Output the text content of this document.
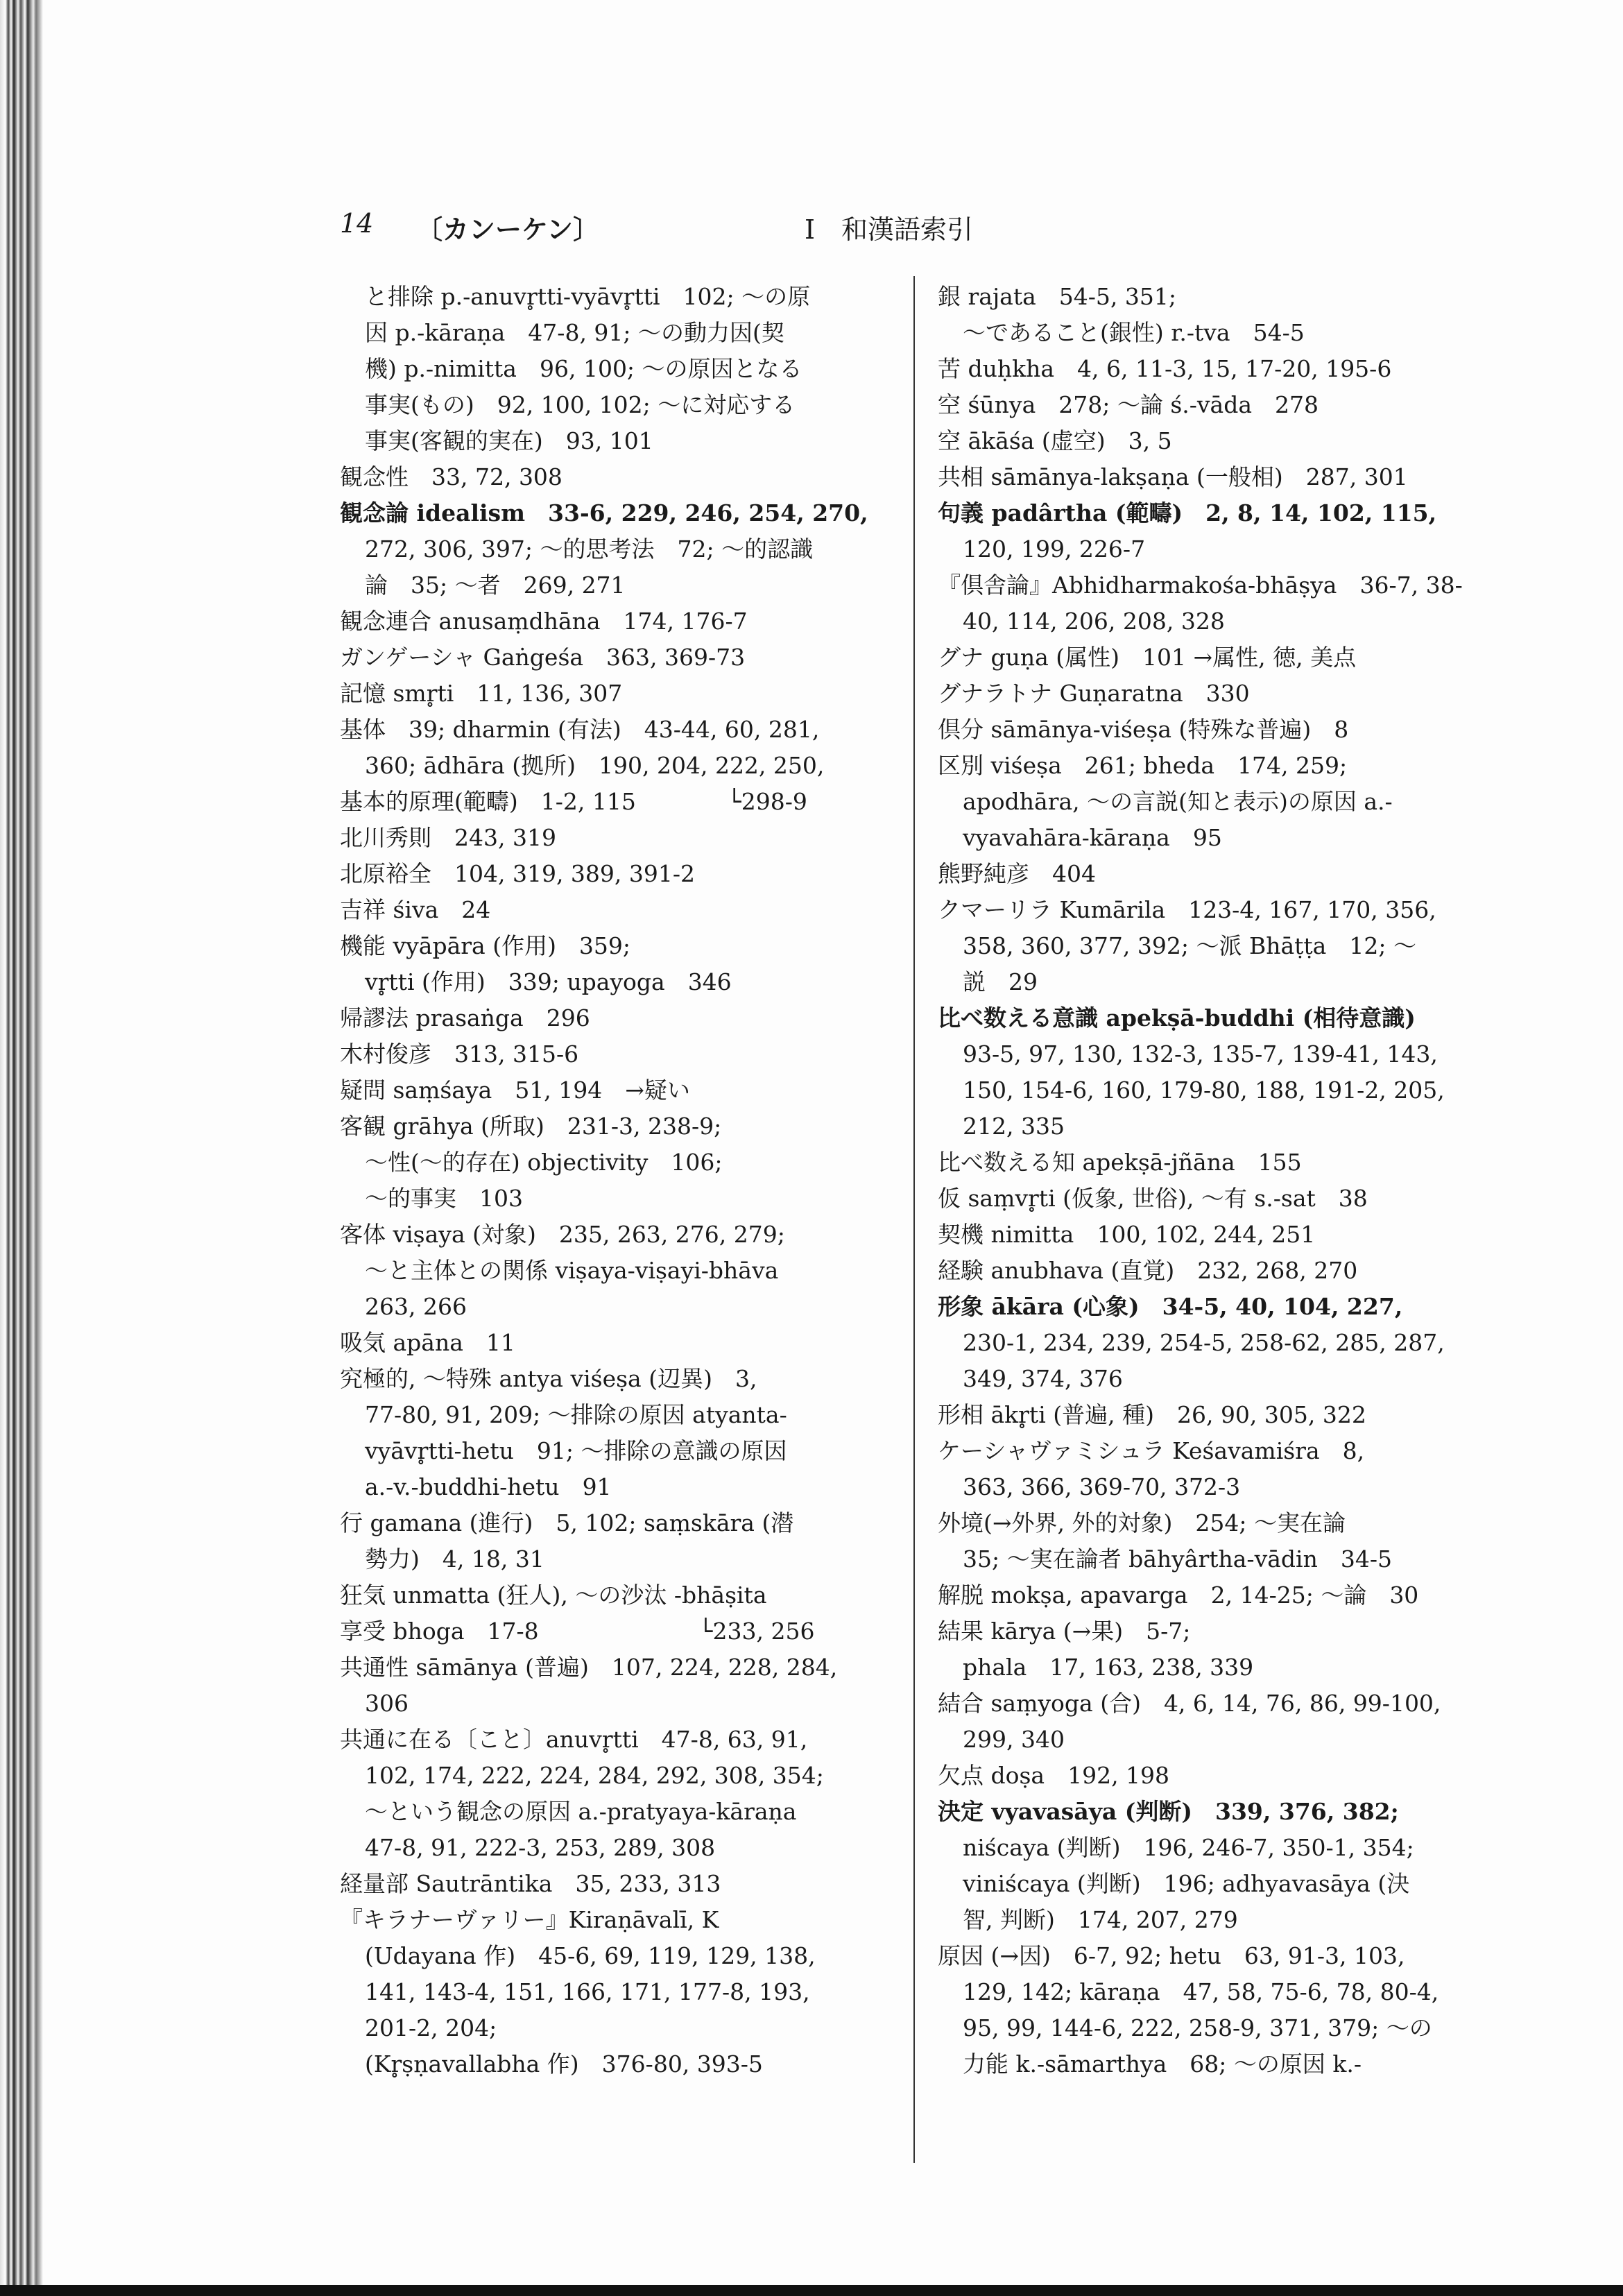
14 〔カンーケン〕	I　和漢語索引
と排除 p.-anuvr̥tti-vyāvr̥tti　102; 〜の原
因 p.-kāraṇa　47-8, 91; 〜の動力因(契
機) p.-nimitta　96, 100; 〜の原因となる
事実(もの)　92, 100, 102; 〜に対応する
事実(客観的実在)　93, 101
観念性　33, 72, 308
観念論 idealism　33-6, 229, 246, 254, 270,
272, 306, 397; 〜的思考法　72; 〜的認識
論　35; 〜者　269, 271
観念連合 anusaṃdhāna　174, 176-7
ガンゲーシャ Gaṅgeśa　363, 369-73
記憶 smr̥ti　11, 136, 307
基体　39; dharmin (有法)　43-44, 60, 281,
360; ādhāra (拠所)　190, 204, 222, 250,
基本的原理(範疇)　1-2, 115　　　　└298-9
北川秀則　243, 319
北原裕全　104, 319, 389, 391-2
吉祥 śiva　24
機能 vyāpāra (作用)　359;
vr̥tti (作用)　339; upayoga　346
帰謬法 prasaṅga　296
木村俊彦　313, 315-6
疑問 saṃśaya　51, 194　→疑い
客観 grāhya (所取)　231-3, 238-9;
〜性(〜的存在) objectivity　106;
〜的事実　103
客体 viṣaya (対象)　235, 263, 276, 279;
〜と主体との関係 viṣaya-viṣayi-bhāva
263, 266
吸気 apāna　11
究極的, 〜特殊 antya viśeṣa (辺異)　3,
77-80, 91, 209; 〜排除の原因 atyanta-
vyāvr̥tti-hetu　91; 〜排除の意識の原因
a.-v.-buddhi-hetu　91
行 gamana (進行)　5, 102; saṃskāra (潜
勢力)　4, 18, 31
狂気 unmatta (狂人), 〜の沙汰 -bhāṣita
享受 bhoga　17-8　　　　　　　└233, 256
共通性 sāmānya (普遍)　107, 224, 228, 284,
306
共通に在る〔こと〕anuvr̥tti　47-8, 63, 91,
102, 174, 222, 224, 284, 292, 308, 354;
〜という観念の原因 a.-pratyaya-kāraṇa
47-8, 91, 222-3, 253, 289, 308
経量部 Sautrāntika　35, 233, 313
『キラナーヴァリー』Kiraṇāvalī, K
(Udayana 作)　45-6, 69, 119, 129, 138,
141, 143-4, 151, 166, 171, 177-8, 193,
201-2, 204;
(Kr̥ṣṇavallabha 作)　376-80, 393-5
銀 rajata　54-5, 351;
〜であること(銀性) r.-tva　54-5
苦 duḥkha　4, 6, 11-3, 15, 17-20, 195-6
空 śūnya　278; 〜論 ś.-vāda　278
空 ākāśa (虚空)　3, 5
共相 sāmānya-lakṣaṇa (一般相)　287, 301
句義 padârtha (範疇)　2, 8, 14, 102, 115,
120, 199, 226-7
『倶舎論』Abhidharmakośa-bhāṣya　36-7, 38-
40, 114, 206, 208, 328
グナ guṇa (属性)　101 →属性, 徳, 美点
グナラトナ Guṇaratna　330
倶分 sāmānya-viśeṣa (特殊な普遍)　8
区別 viśeṣa　261; bheda　174, 259;
apodhāra, 〜の言説(知と表示)の原因 a.-
vyavahāra-kāraṇa　95
熊野純彦　404
クマーリラ Kumārila　123-4, 167, 170, 356,
358, 360, 377, 392; 〜派 Bhāṭṭa　12; 〜
説　29
比べ数える意識 apekṣā-buddhi (相待意識)
93-5, 97, 130, 132-3, 135-7, 139-41, 143,
150, 154-6, 160, 179-80, 188, 191-2, 205,
212, 335
比べ数える知 apekṣā-jñāna　155
仮 saṃvr̥ti (仮象, 世俗), 〜有 s.-sat　38
契機 nimitta　100, 102, 244, 251
経験 anubhava (直覚)　232, 268, 270
形象 ākāra (心象)　34-5, 40, 104, 227,
230-1, 234, 239, 254-5, 258-62, 285, 287,
349, 374, 376
形相 ākr̥ti (普遍, 種)　26, 90, 305, 322
ケーシャヴァミシュラ Keśavamiśra　8,
363, 366, 369-70, 372-3
外境(→外界, 外的対象)　254; 〜実在論
35; 〜実在論者 bāhyârtha-vādin　34-5
解脱 mokṣa, apavarga　2, 14-25; 〜論　30
結果 kārya (→果)　5-7;
phala　17, 163, 238, 339
結合 saṃyoga (合)　4, 6, 14, 76, 86, 99-100,
299, 340
欠点 doṣa　192, 198
決定 vyavasāya (判断)　339, 376, 382;
niścaya (判断)　196, 246-7, 350-1, 354;
viniścaya (判断)　196; adhyavasāya (決
智, 判断)　174, 207, 279
原因 (→因)　6-7, 92; hetu　63, 91-3, 103,
129, 142; kāraṇa　47, 58, 75-6, 78, 80-4,
95, 99, 144-6, 222, 258-9, 371, 379; 〜の
力能 k.-sāmarthya　68; 〜の原因 k.-
